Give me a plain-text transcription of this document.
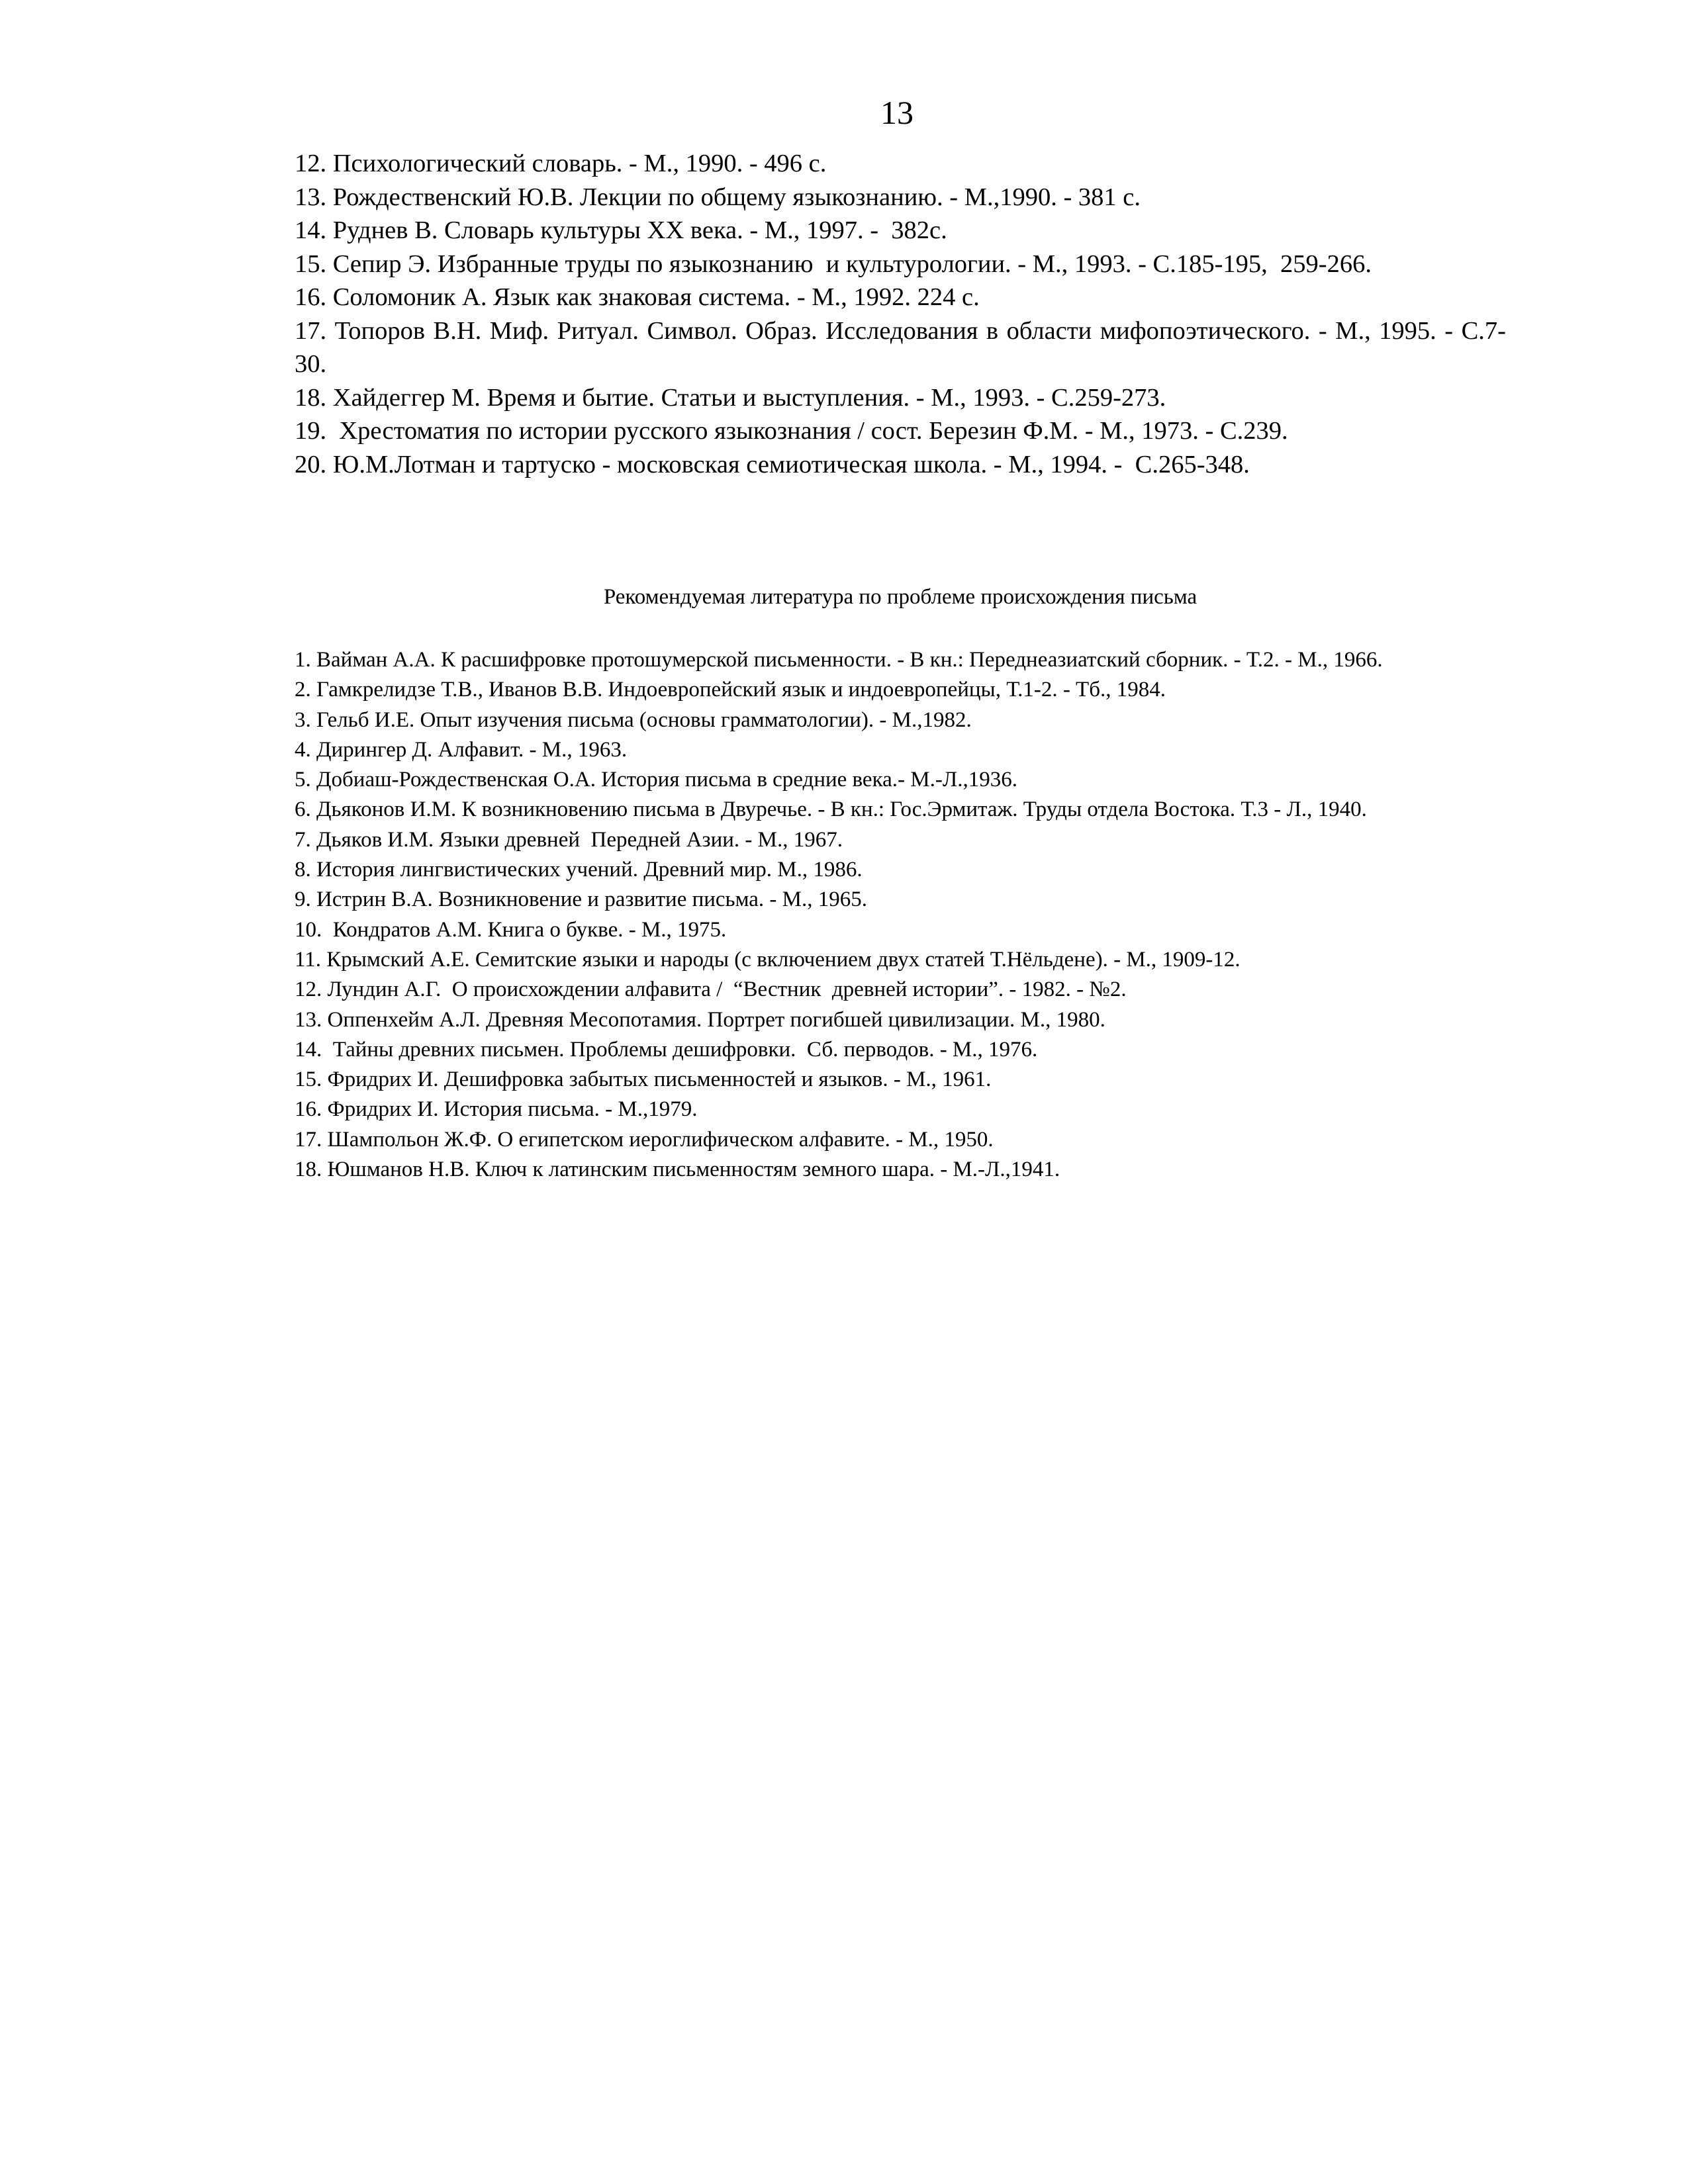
13
12. Психологический словарь. - М., 1990. - 496 с.
13. Рождественский Ю.В. Лекции по общему языкознанию. - М.,1990. - 381 с.
14. Руднев В. Словарь культуры XX века. - М., 1997. -  382с.
15. Сепир Э. Избранные труды по языкознанию  и культурологии. - М., 1993. - С.185-195,  259-266.
16. Соломоник А. Язык как знаковая система. - М., 1992. 224 с.
17. Топоров В.Н. Миф. Ритуал. Символ. Образ. Исследования в области мифопоэтического. - М., 1995. - С.7-30.
18. Хайдеггер М. Время и бытие. Статьи и выступления. - М., 1993. - С.259-273.
19.  Хрестоматия по истории русского языкознания / сост. Березин Ф.М. - М., 1973. - С.239.
20. Ю.М.Лотман и тартуско - московская семиотическая школа. - М., 1994. -  С.265-348.
Рекомендуемая литература по проблеме происхождения письма
1. Вайман А.А. К расшифровке протошумерской письменности. - В кн.: Переднеазиатский сборник. - Т.2. - М., 1966.
2. Гамкрелидзе Т.В., Иванов В.В. Индоевропейский язык и индоевропейцы, Т.1-2. - Тб., 1984.
3. Гельб И.Е. Опыт изучения письма (основы грамматологии). - М.,1982.
4. Дирингер Д. Алфавит. - М., 1963.
5. Добиаш-Рождественская О.А. История письма в средние века.- М.-Л.,1936.
6. Дьяконов И.М. К возникновению письма в Двуречье. - В кн.: Гос.Эрмитаж. Труды отдела Востока. Т.3 - Л., 1940.
7. Дьяков И.М. Языки древней  Передней Азии. - М., 1967.
8. История лингвистических учений. Древний мир. М., 1986.
9. Истрин В.А. Возникновение и развитие письма. - М., 1965.
10.  Кондратов А.М. Книга о букве. - М., 1975.
11. Крымский А.Е. Семитские языки и народы (с включением двух статей Т.Нёльдене). - М., 1909-12.
12. Лундин А.Г.  О происхождении алфавита /  “Вестник  древней истории”. - 1982. - №2.
13. Оппенхейм А.Л. Древняя Месопотамия. Портрет погибшей цивилизации. М., 1980.
14.  Тайны древних письмен. Проблемы дешифровки.  Сб. перводов. - М., 1976.
15. Фридрих И. Дешифровка забытых письменностей и языков. - М., 1961.
16. Фридрих И. История письма. - М.,1979.
17. Шампольон Ж.Ф. О египетском иероглифическом алфавите. - М., 1950.
18. Юшманов Н.В. Ключ к латинским письменностям земного шара. - М.-Л.,1941.
